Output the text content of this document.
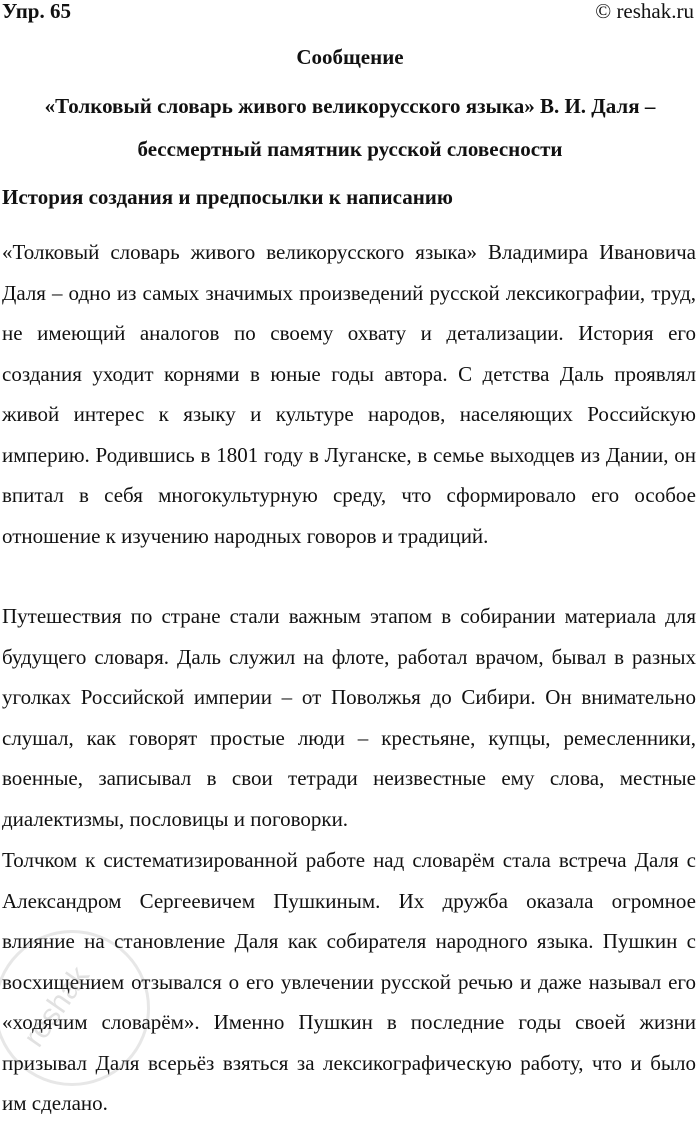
Упр. 65	© reshak.ru
Сообщение
«Толковый словарь живого великорусского языка» В. И. Даля –
бессмертный памятник русской словесности
История создания и предпосылки к написанию

«Толковый словарь живого великорусского языка» Владимира Ивановича Даля – одно из самых значимых произведений русской лексикографии, труд, не имеющий аналогов по своему охвату и детализации. История его создания уходит корнями в юные годы автора. С детства Даль проявлял живой интерес к языку и культуре народов, населяющих Российскую империю. Родившись в 1801 году в Луганске, в семье выходцев из Дании, он впитал в себя многокультурную среду, что сформировало его особое отношение к изучению народных говоров и традиций.

Путешествия по стране стали важным этапом в собирании материала для будущего словаря. Даль служил на флоте, работал врачом, бывал в разных уголках Российской империи – от Поволжья до Сибири. Он внимательно слушал, как говорят простые люди – крестьяне, купцы, ремесленники, военные, записывал в свои тетради неизвестные ему слова, местные диалектизмы, пословицы и поговорки.

Толчком к систематизированной работе над словарём стала встреча Даля с Александром Сергеевичем Пушкиным. Их дружба оказала огромное влияние на становление Даля как собирателя народного языка. Пушкин с восхищением отзывался о его увлечении русской речью и даже называл его «ходячим словарём». Именно Пушкин в последние годы своей жизни призывал Даля всерьёз взяться за лексикографическую работу, что и было им сделано.

reshak
